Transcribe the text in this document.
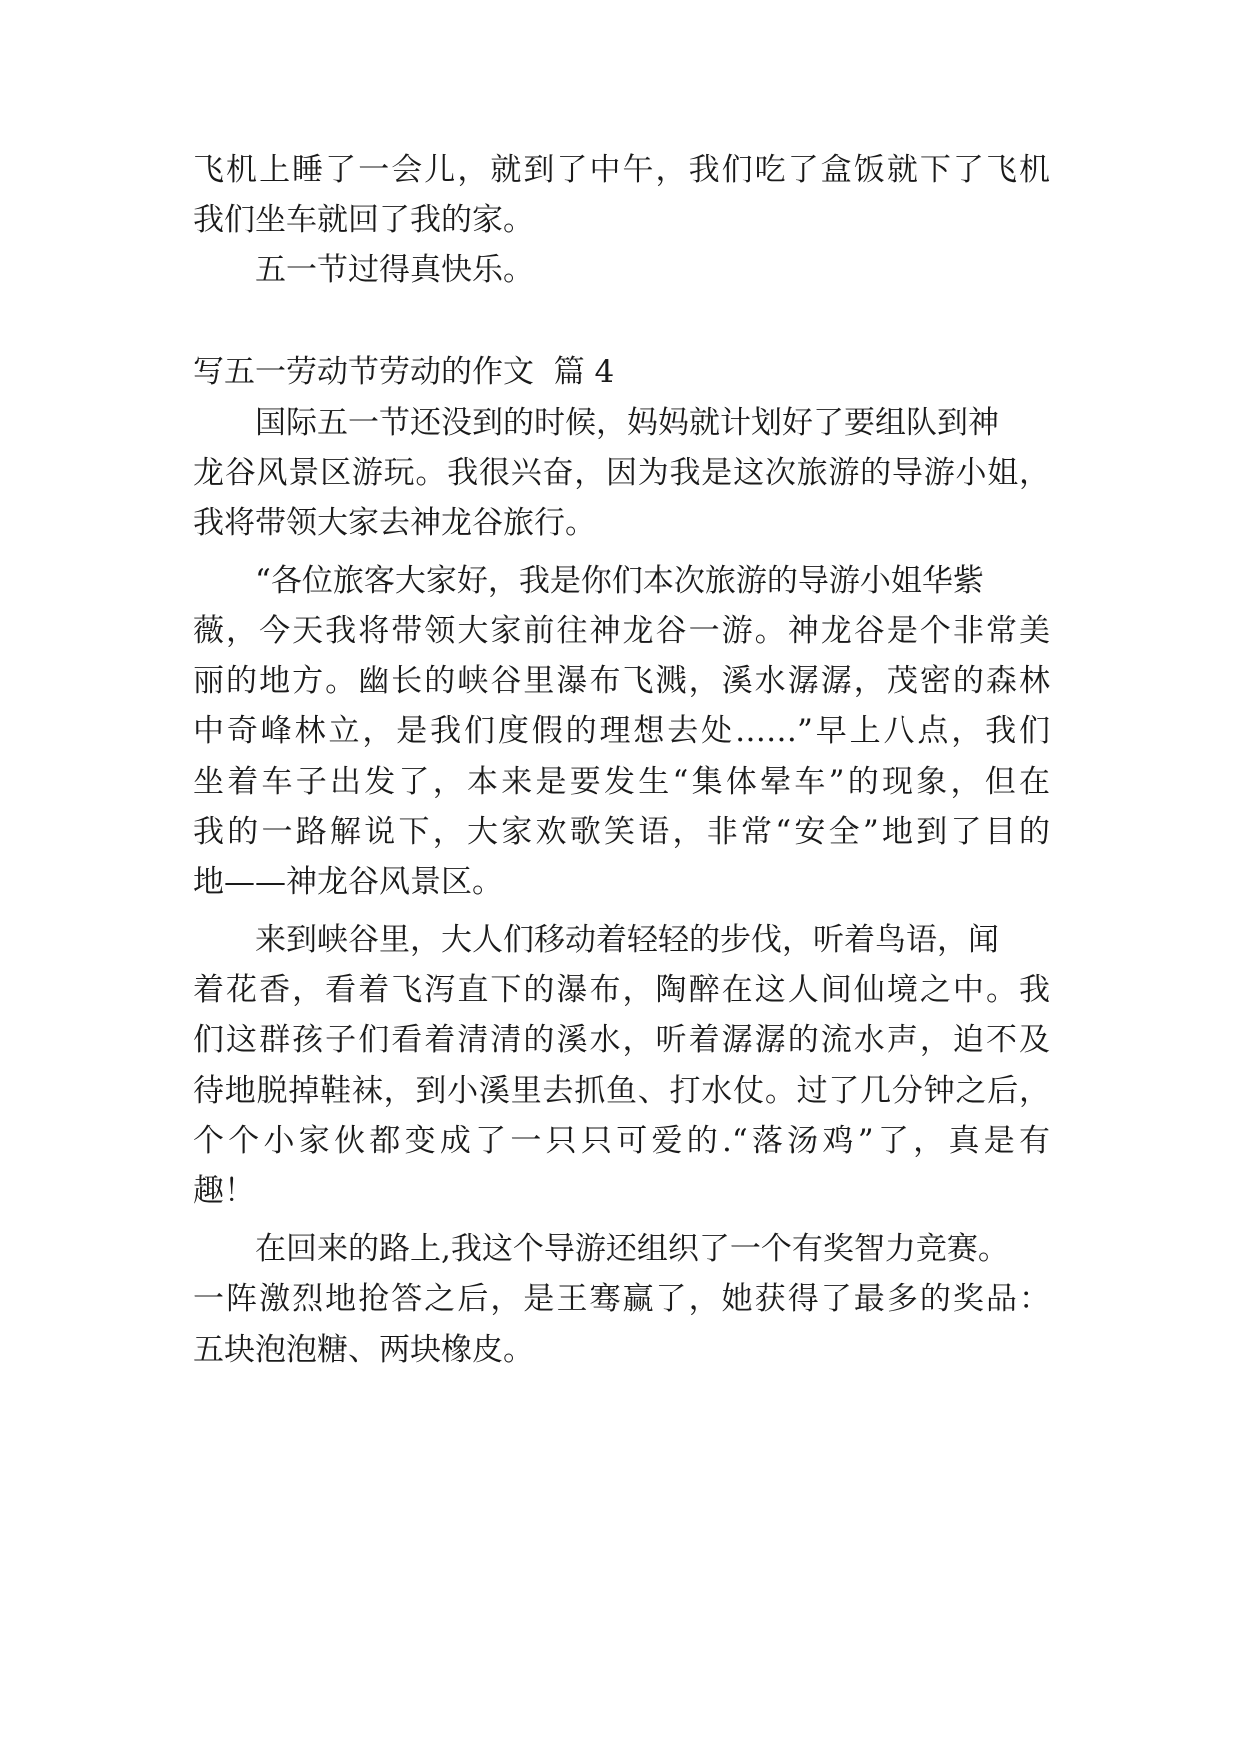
飞机上睡了一会儿，就到了中午，我们吃了盒饭就下了飞机
我们坐车就回了我的家。
五一节过得真快乐。
写五一劳动节劳动的作文  篇 4
国际五一节还没到的时候，妈妈就计划好了要组队到神
龙谷风景区游玩。我很兴奋，因为我是这次旅游的导游小姐，
我将带领大家去神龙谷旅行。
“各位旅客大家好，我是你们本次旅游的导游小姐华紫
薇，今天我将带领大家前往神龙谷一游。神龙谷是个非常美
丽的地方。幽长的峡谷里瀑布飞溅，溪水潺潺，茂密的森林
中奇峰林立，是我们度假的理想去处……”早上八点，我们
坐着车子出发了，本来是要发生“集体晕车”的现象，但在
我的一路解说下，大家欢歌笑语，非常“安全”地到了目的
地——神龙谷风景区。
来到峡谷里，大人们移动着轻轻的步伐，听着鸟语，闻
着花香，看着飞泻直下的瀑布，陶醉在这人间仙境之中。我
们这群孩子们看着清清的溪水，听着潺潺的流水声，迫不及
待地脱掉鞋袜，到小溪里去抓鱼、打水仗。过了几分钟之后，
个个小家伙都变成了一只只可爱的.“落汤鸡”了，真是有
趣！
在回来的路上,我这个导游还组织了一个有奖智力竞赛。
一阵激烈地抢答之后，是王骞赢了，她获得了最多的奖品：
五块泡泡糖、两块橡皮。
